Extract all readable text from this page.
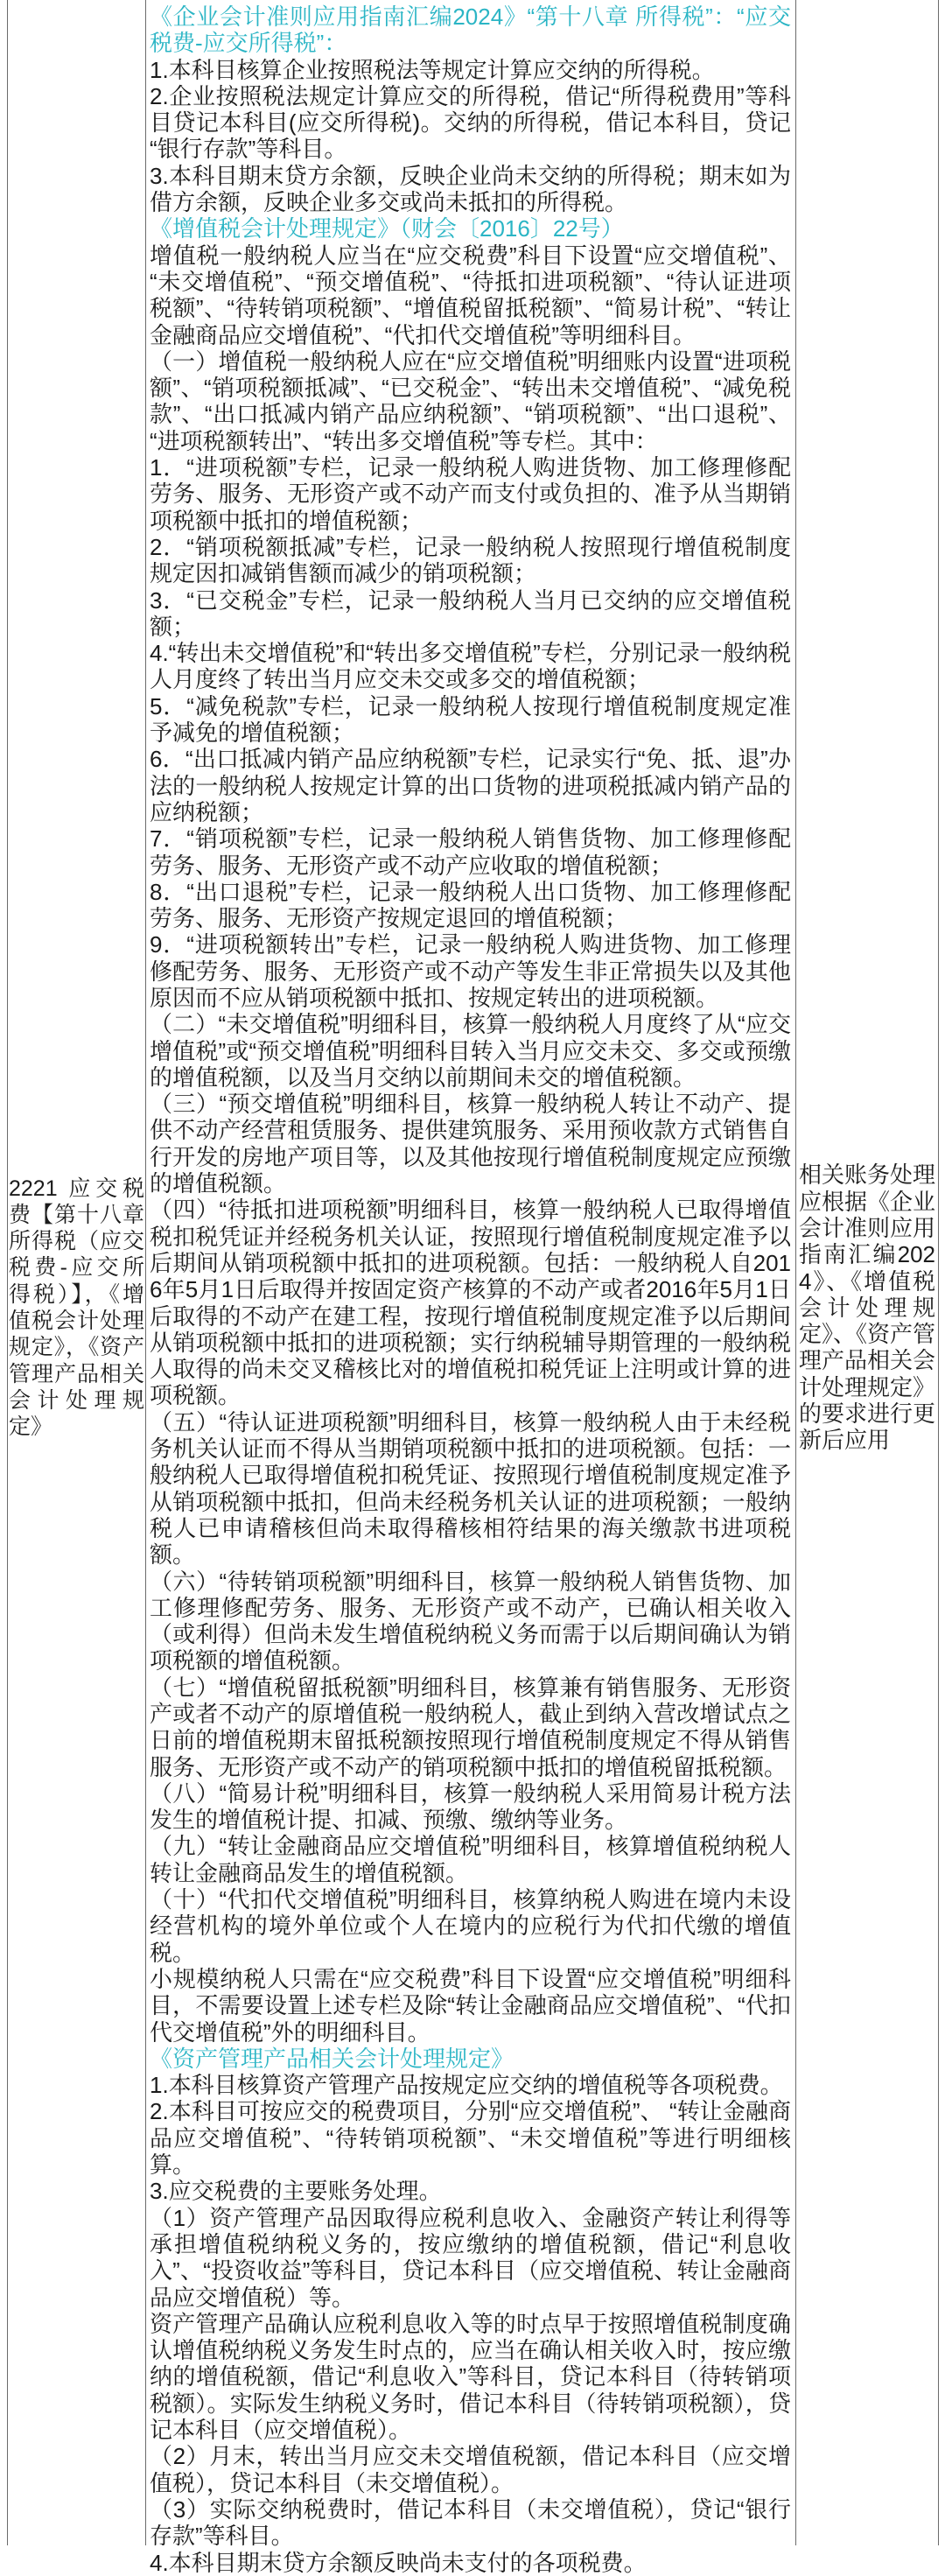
2221 应交税费【第十八章 所得税（应交税费-应交所得税）】，《增值税会计处理规定》，《资产管理产品相关会计处理规定》

《企业会计准则应用指南汇编2024》“第十八章 所得税”：“应交税费-应交所得税”：

1.本科目核算企业按照税法等规定计算应交纳的所得税。

2.企业按照税法规定计算应交的所得税，借记“所得税费用”等科目贷记本科目(应交所得税)。交纳的所得税，借记本科目，贷记“银行存款”等科目。

3.本科目期末贷方余额，反映企业尚未交纳的所得税；期末如为借方余额，反映企业多交或尚未抵扣的所得税。

《增值税会计处理规定》（财会〔2016〕22号）

增值税一般纳税人应当在“应交税费”科目下设置“应交增值税”、“未交增值税”、“预交增值税”、“待抵扣进项税额”、“待认证进项税额”、“待转销项税额”、“增值税留抵税额”、“简易计税”、“转让金融商品应交增值税”、“代扣代交增值税”等明细科目。

（一）增值税一般纳税人应在“应交增值税”明细账内设置“进项税额”、“销项税额抵减”、“已交税金”、“转出未交增值税”、“减免税款”、“出口抵减内销产品应纳税额”、“销项税额”、“出口退税”、“进项税额转出”、“转出多交增值税”等专栏。其中：

1．“进项税额”专栏，记录一般纳税人购进货物、加工修理修配劳务、服务、无形资产或不动产而支付或负担的、准予从当期销项税额中抵扣的增值税额；

2．“销项税额抵减”专栏，记录一般纳税人按照现行增值税制度规定因扣减销售额而减少的销项税额；

3．“已交税金”专栏，记录一般纳税人当月已交纳的应交增值税额；

4.“转出未交增值税”和“转出多交增值税”专栏，分别记录一般纳税人月度终了转出当月应交未交或多交的增值税额；

5．“减免税款”专栏，记录一般纳税人按现行增值税制度规定准予减免的增值税额；

6．“出口抵减内销产品应纳税额”专栏，记录实行“免、抵、退”办法的一般纳税人按规定计算的出口货物的进项税抵减内销产品的应纳税额；

7．“销项税额”专栏，记录一般纳税人销售货物、加工修理修配劳务、服务、无形资产或不动产应收取的增值税额；

8．“出口退税”专栏，记录一般纳税人出口货物、加工修理修配劳务、服务、无形资产按规定退回的增值税额；

9．“进项税额转出”专栏，记录一般纳税人购进货物、加工修理修配劳务、服务、无形资产或不动产等发生非正常损失以及其他原因而不应从销项税额中抵扣、按规定转出的进项税额。

（二）“未交增值税”明细科目，核算一般纳税人月度终了从“应交增值税”或“预交增值税”明细科目转入当月应交未交、多交或预缴的增值税额，以及当月交纳以前期间未交的增值税额。

（三）“预交增值税”明细科目，核算一般纳税人转让不动产、提供不动产经营租赁服务、提供建筑服务、采用预收款方式销售自行开发的房地产项目等，以及其他按现行增值税制度规定应预缴的增值税额。

（四）“待抵扣进项税额”明细科目，核算一般纳税人已取得增值税扣税凭证并经税务机关认证，按照现行增值税制度规定准予以后期间从销项税额中抵扣的进项税额。包括：一般纳税人自2016年5月1日后取得并按固定资产核算的不动产或者2016年5月1日后取得的不动产在建工程，按现行增值税制度规定准予以后期间从销项税额中抵扣的进项税额；实行纳税辅导期管理的一般纳税人取得的尚未交叉稽核比对的增值税扣税凭证上注明或计算的进项税额。

（五）“待认证进项税额”明细科目，核算一般纳税人由于未经税务机关认证而不得从当期销项税额中抵扣的进项税额。包括：一般纳税人已取得增值税扣税凭证、按照现行增值税制度规定准予从销项税额中抵扣，但尚未经税务机关认证的进项税额；一般纳税人已申请稽核但尚未取得稽核相符结果的海关缴款书进项税额。

（六）“待转销项税额”明细科目，核算一般纳税人销售货物、加工修理修配劳务、服务、无形资产或不动产，已确认相关收入（或利得）但尚未发生增值税纳税义务而需于以后期间确认为销项税额的增值税额。

（七）“增值税留抵税额”明细科目，核算兼有销售服务、无形资产或者不动产的原增值税一般纳税人，截止到纳入营改增试点之日前的增值税期末留抵税额按照现行增值税制度规定不得从销售服务、无形资产或不动产的销项税额中抵扣的增值税留抵税额。

（八）“简易计税”明细科目，核算一般纳税人采用简易计税方法发生的增值税计提、扣减、预缴、缴纳等业务。

（九）“转让金融商品应交增值税”明细科目，核算增值税纳税人转让金融商品发生的增值税额。

（十）“代扣代交增值税”明细科目，核算纳税人购进在境内未设经营机构的境外单位或个人在境内的应税行为代扣代缴的增值税。

小规模纳税人只需在“应交税费”科目下设置“应交增值税”明细科目，不需要设置上述专栏及除“转让金融商品应交增值税”、“代扣代交增值税”外的明细科目。

《资产管理产品相关会计处理规定》

1.本科目核算资产管理产品按规定应交纳的增值税等各项税费。

2.本科目可按应交的税费项目，分别“应交增值税”、 “转让金融商品应交增值税”、“待转销项税额”、“未交增值税”等进行明细核算。

3.应交税费的主要账务处理。

（1）资产管理产品因取得应税利息收入、金融资产转让利得等承担增值税纳税义务的，按应缴纳的增值税额，借记“利息收入”、“投资收益”等科目，贷记本科目（应交增值税、转让金融商品应交增值税）等。

资产管理产品确认应税利息收入等的时点早于按照增值税制度确认增值税纳税义务发生时点的，应当在确认相关收入时，按应缴纳的增值税额，借记“利息收入”等科目，贷记本科目（待转销项税额）。实际发生纳税义务时，借记本科目（待转销项税额），贷记本科目（应交增值税）。

（2）月末，转出当月应交未交增值税额，借记本科目（应交增值税），贷记本科目（未交增值税）。

（3）实际交纳税费时，借记本科目（未交增值税），贷记“银行存款”等科目。

4.本科目期末贷方余额反映尚未支付的各项税费。

相关账务处理应根据《企业会计准则应用指南汇编2024》、《增值税会计处理规定》、《资产管理产品相关会计处理规定》的要求进行更新后应用
